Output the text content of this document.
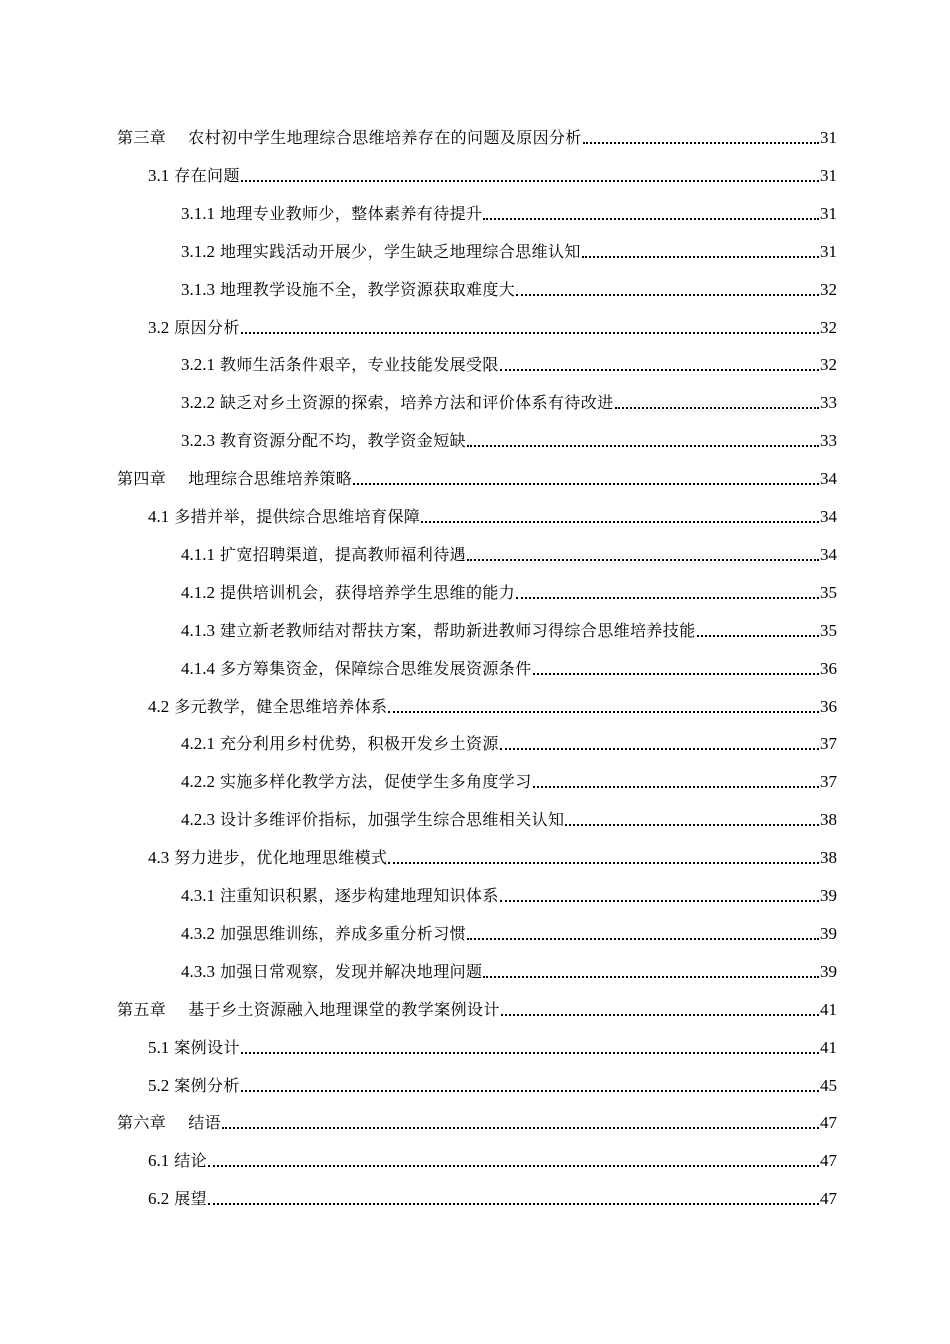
第三章 农村初中学生地理综合思维培养存在的问题及原因分析	31
3.1 存在问题	31
3.1.1 地理专业教师少，整体素养有待提升	31
3.1.2 地理实践活动开展少，学生缺乏地理综合思维认知	31
3.1.3 地理教学设施不全，教学资源获取难度大	32
3.2 原因分析	32
3.2.1 教师生活条件艰辛，专业技能发展受限	32
3.2.2 缺乏对乡土资源的探索，培养方法和评价体系有待改进	33
3.2.3 教育资源分配不均，教学资金短缺	33
第四章 地理综合思维培养策略	34
4.1 多措并举，提供综合思维培育保障	34
4.1.1 扩宽招聘渠道，提高教师福利待遇	34
4.1.2 提供培训机会，获得培养学生思维的能力	35
4.1.3 建立新老教师结对帮扶方案，帮助新进教师习得综合思维培养技能	35
4.1.4 多方筹集资金，保障综合思维发展资源条件	36
4.2 多元教学，健全思维培养体系	36
4.2.1 充分利用乡村优势，积极开发乡土资源	37
4.2.2 实施多样化教学方法，促使学生多角度学习	37
4.2.3 设计多维评价指标，加强学生综合思维相关认知	38
4.3 努力进步，优化地理思维模式	38
4.3.1 注重知识积累，逐步构建地理知识体系	39
4.3.2 加强思维训练，养成多重分析习惯	39
4.3.3 加强日常观察，发现并解决地理问题	39
第五章 基于乡土资源融入地理课堂的教学案例设计	41
5.1 案例设计	41
5.2 案例分析	45
第六章 结语	47
6.1 结论	47
6.2 展望	47
